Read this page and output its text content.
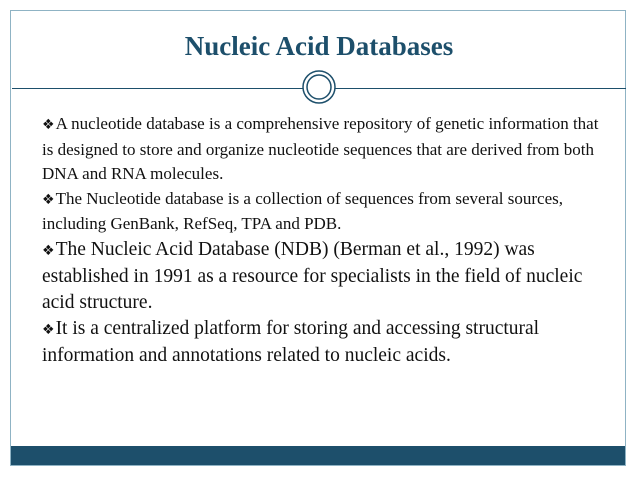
Nucleic Acid Databases

❖A nucleotide database is a comprehensive repository of genetic information that is designed to store and organize nucleotide sequences that are derived from both DNA and RNA molecules.

❖The Nucleotide database is a collection of sequences from several sources, including GenBank, RefSeq, TPA and PDB.

❖The Nucleic Acid Database (NDB) (Berman et al., 1992) was established in 1991 as a resource for specialists in the field of nucleic acid structure.

❖It is a centralized platform for storing and accessing structural information and annotations related to nucleic acids.
